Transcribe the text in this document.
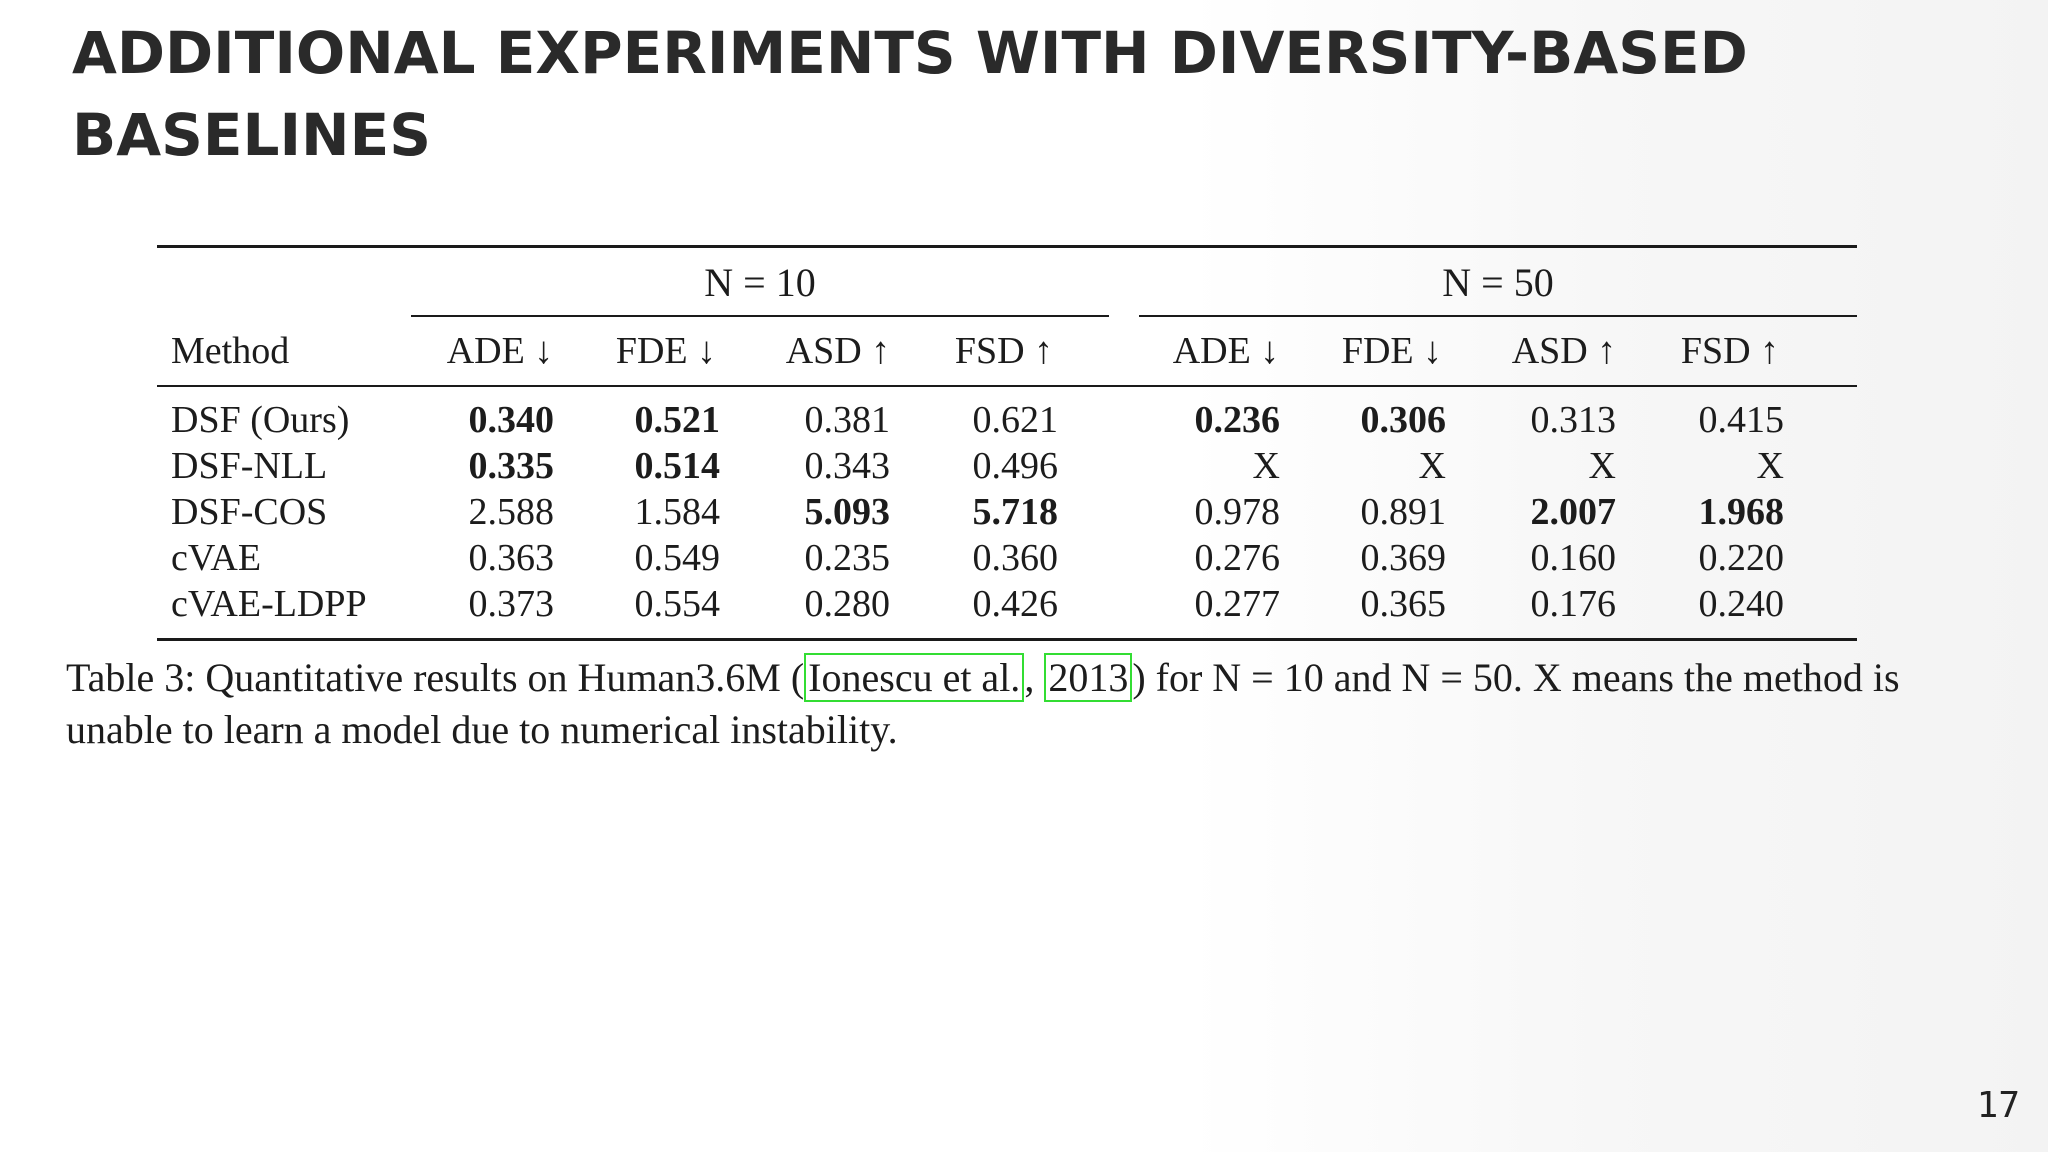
ADDITIONAL EXPERIMENTS WITH DIVERSITY-BASED BASELINES
N = 10	N = 50
Method	ADE ↓	FDE ↓	ASD ↑	FSD ↑	ADE ↓	FDE ↓	ASD ↑	FSD ↑
DSF (Ours)	0.340	0.521	0.381	0.621	0.236	0.306	0.313	0.415
DSF-NLL	0.335	0.514	0.343	0.496	X	X	X	X
DSF-COS	2.588	1.584	5.093	5.718	0.978	0.891	2.007	1.968
cVAE	0.363	0.549	0.235	0.360	0.276	0.369	0.160	0.220
cVAE-LDPP	0.373	0.554	0.280	0.426	0.277	0.365	0.176	0.240
Table 3: Quantitative results on Human3.6M ( Ionescu et al. , 2013 ) for N = 10 and N = 50. X means the method is unable to learn a model due to numerical instability.
17
